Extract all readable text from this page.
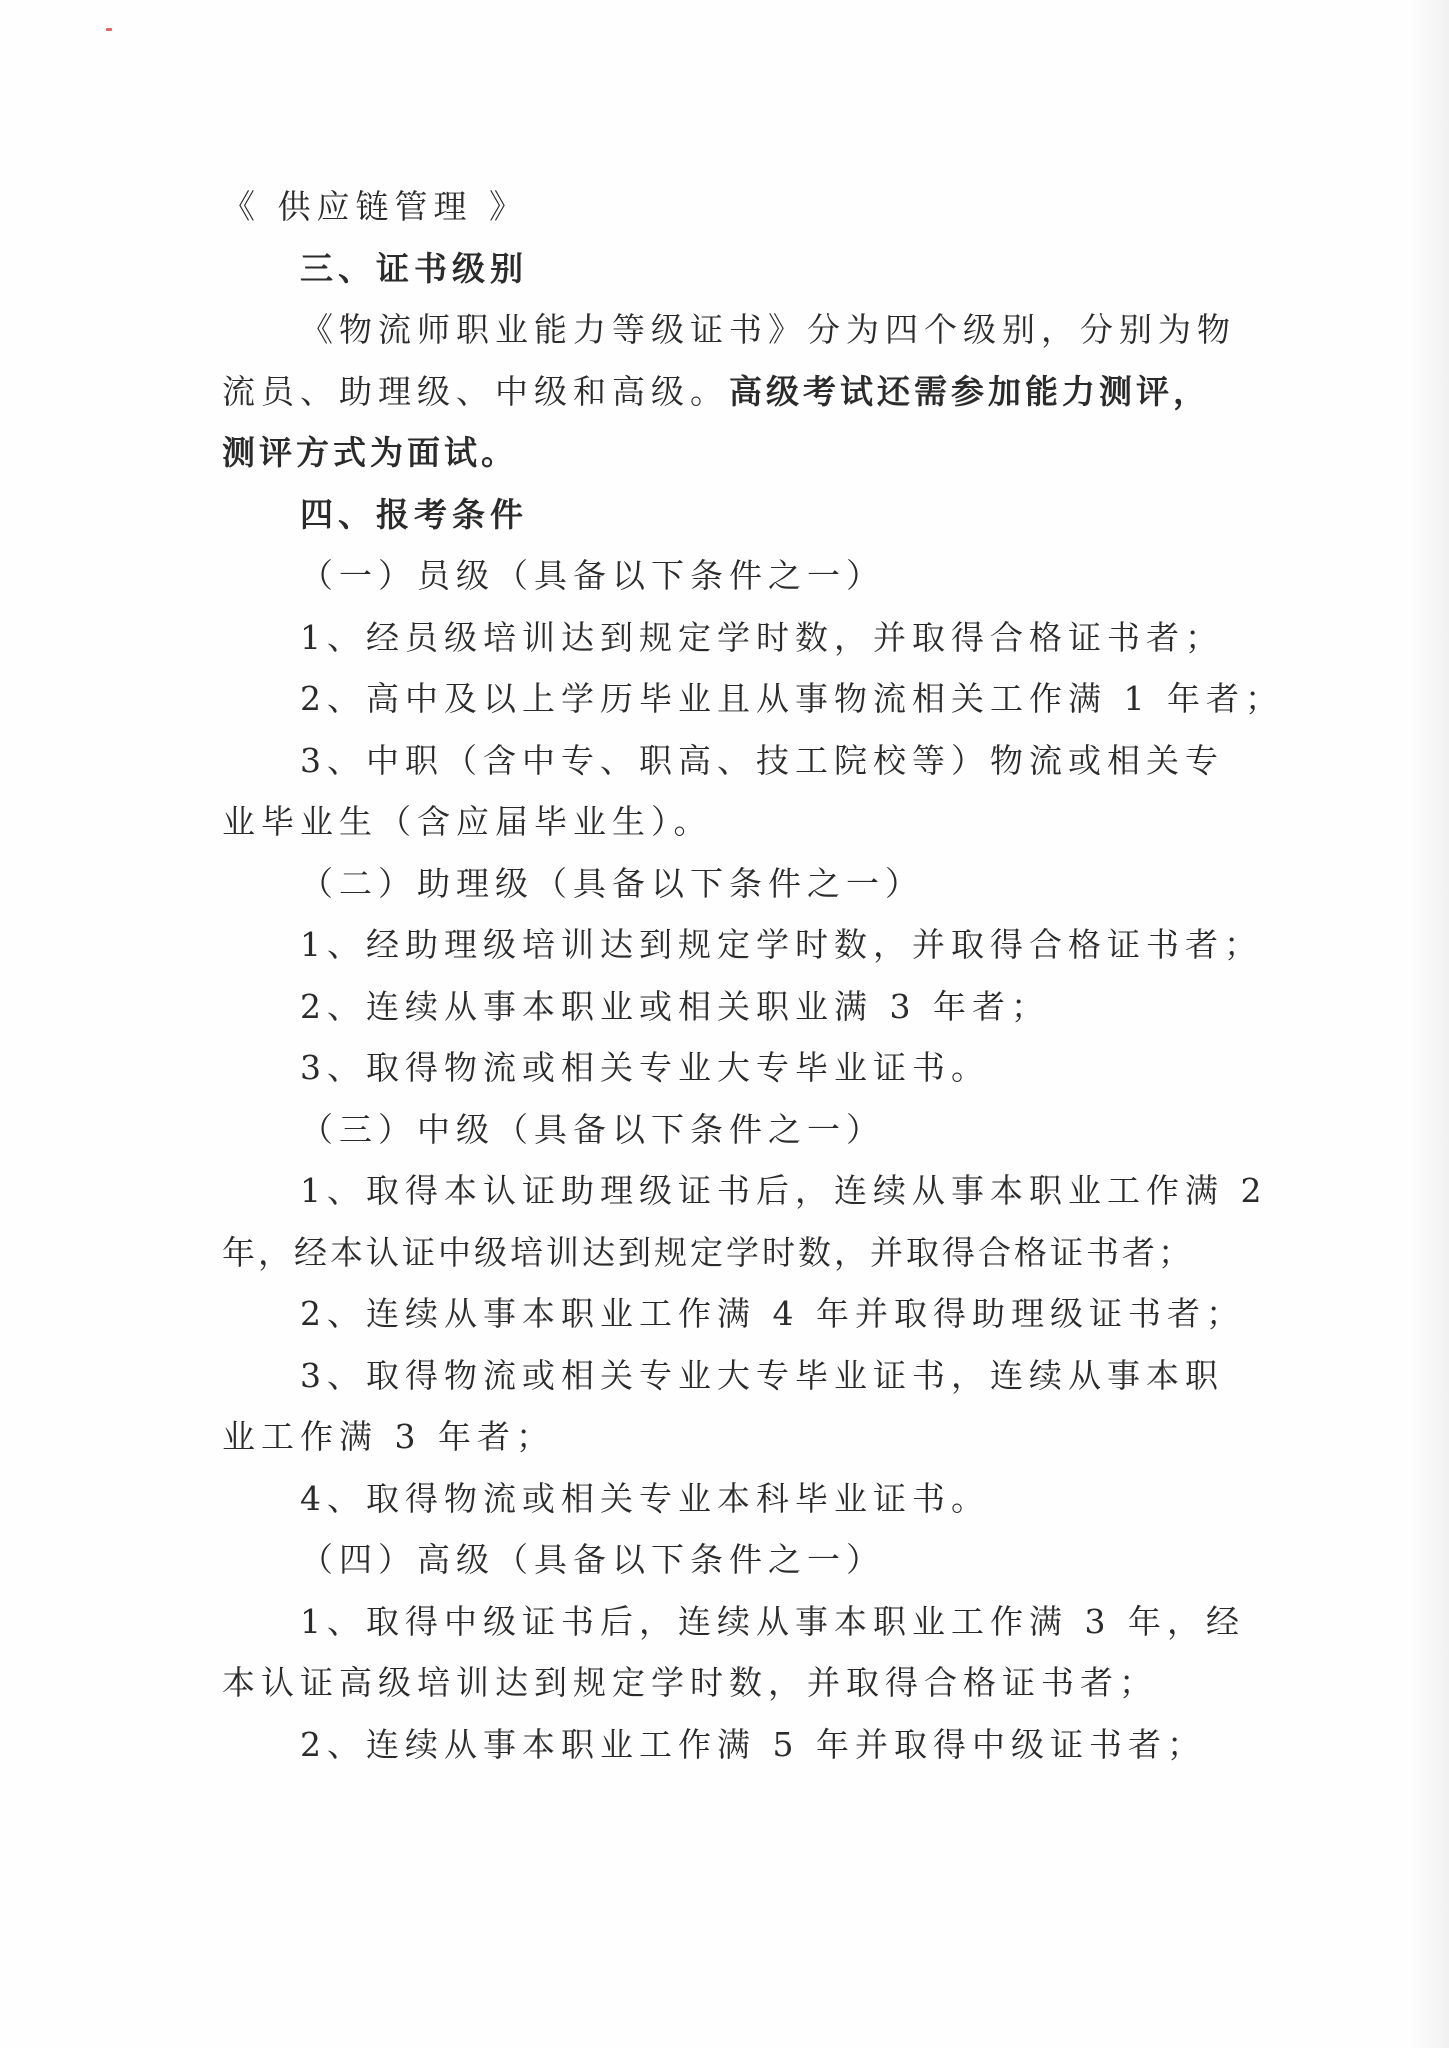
《 供应链管理 》
三、证书级别
《物流师职业能力等级证书》分为四个级别，分别为物
流员、助理级、中级和高级。高级考试还需参加能力测评，
测评方式为面试。
四、报考条件
（一）员级（具备以下条件之一）
1、经员级培训达到规定学时数，并取得合格证书者；
2、高中及以上学历毕业且从事物流相关工作满 1 年者；
3、中职（含中专、职高、技工院校等）物流或相关专
业毕业生（含应届毕业生）。
（二）助理级（具备以下条件之一）
1、经助理级培训达到规定学时数，并取得合格证书者；
2、连续从事本职业或相关职业满 3 年者；
3、取得物流或相关专业大专毕业证书。
（三）中级（具备以下条件之一）
1、取得本认证助理级证书后，连续从事本职业工作满 2
年，经本认证中级培训达到规定学时数，并取得合格证书者；
2、连续从事本职业工作满 4 年并取得助理级证书者；
3、取得物流或相关专业大专毕业证书，连续从事本职
业工作满 3 年者；
4、取得物流或相关专业本科毕业证书。
（四）高级（具备以下条件之一）
1、取得中级证书后，连续从事本职业工作满 3 年，经
本认证高级培训达到规定学时数，并取得合格证书者；
2、连续从事本职业工作满 5 年并取得中级证书者；
